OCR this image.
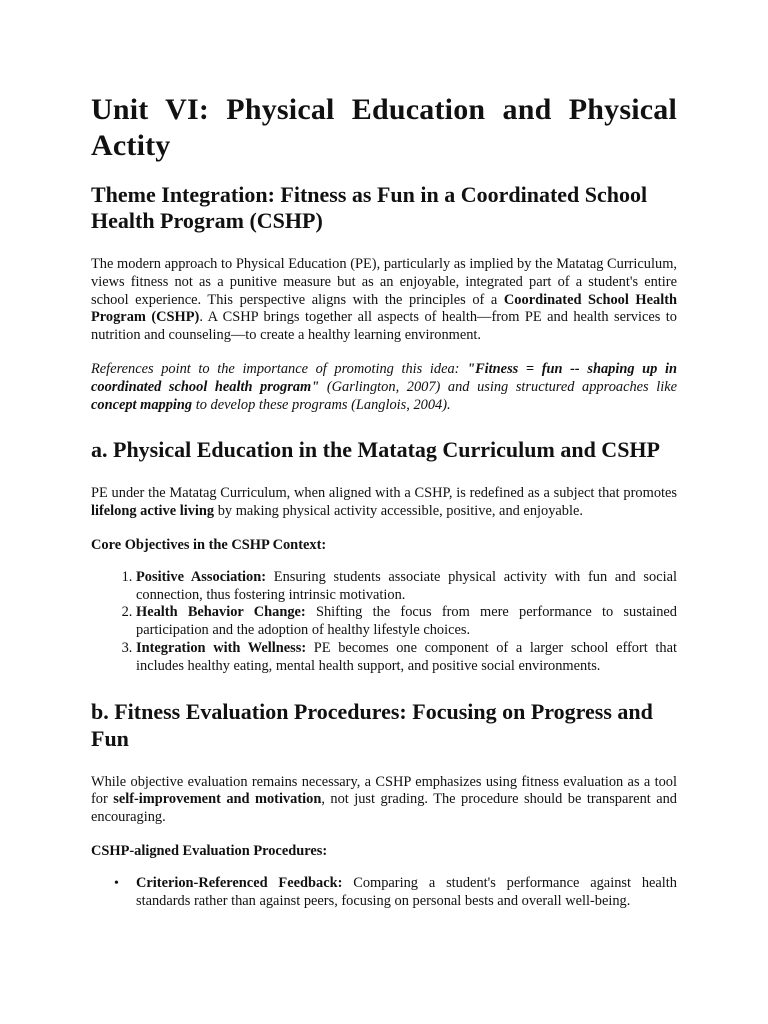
Unit VI: Physical Education and Physical
Actity
Theme Integration: Fitness as Fun in a Coordinated School Health Program (CSHP)

The modern approach to Physical Education (PE), particularly as implied by the Matatag Curriculum, views fitness not as a punitive measure but as an enjoyable, integrated part of a student's entire school experience. This perspective aligns with the principles of a Coordinated School Health Program (CSHP). A CSHP brings together all aspects of health—from PE and health services to nutrition and counseling—to create a healthy learning environment.

References point to the importance of promoting this idea: "Fitness = fun -- shaping up in coordinated school health program" (Garlington, 2007) and using structured approaches like concept mapping to develop these programs (Langlois, 2004).

a. Physical Education in the Matatag Curriculum and CSHP

PE under the Matatag Curriculum, when aligned with a CSHP, is redefined as a subject that promotes lifelong active living by making physical activity accessible, positive, and enjoyable.

Core Objectives in the CSHP Context:

1. Positive Association: Ensuring students associate physical activity with fun and social connection, thus fostering intrinsic motivation.
2. Health Behavior Change: Shifting the focus from mere performance to sustained participation and the adoption of healthy lifestyle choices.
3. Integration with Wellness: PE becomes one component of a larger school effort that includes healthy eating, mental health support, and positive social environments.
b. Fitness Evaluation Procedures: Focusing on Progress and Fun

While objective evaluation remains necessary, a CSHP emphasizes using fitness evaluation as a tool for self-improvement and motivation, not just grading. The procedure should be transparent and encouraging.

CSHP-aligned Evaluation Procedures:

• Criterion-Referenced Feedback: Comparing a student's performance against health standards rather than against peers, focusing on personal bests and overall well-being.
